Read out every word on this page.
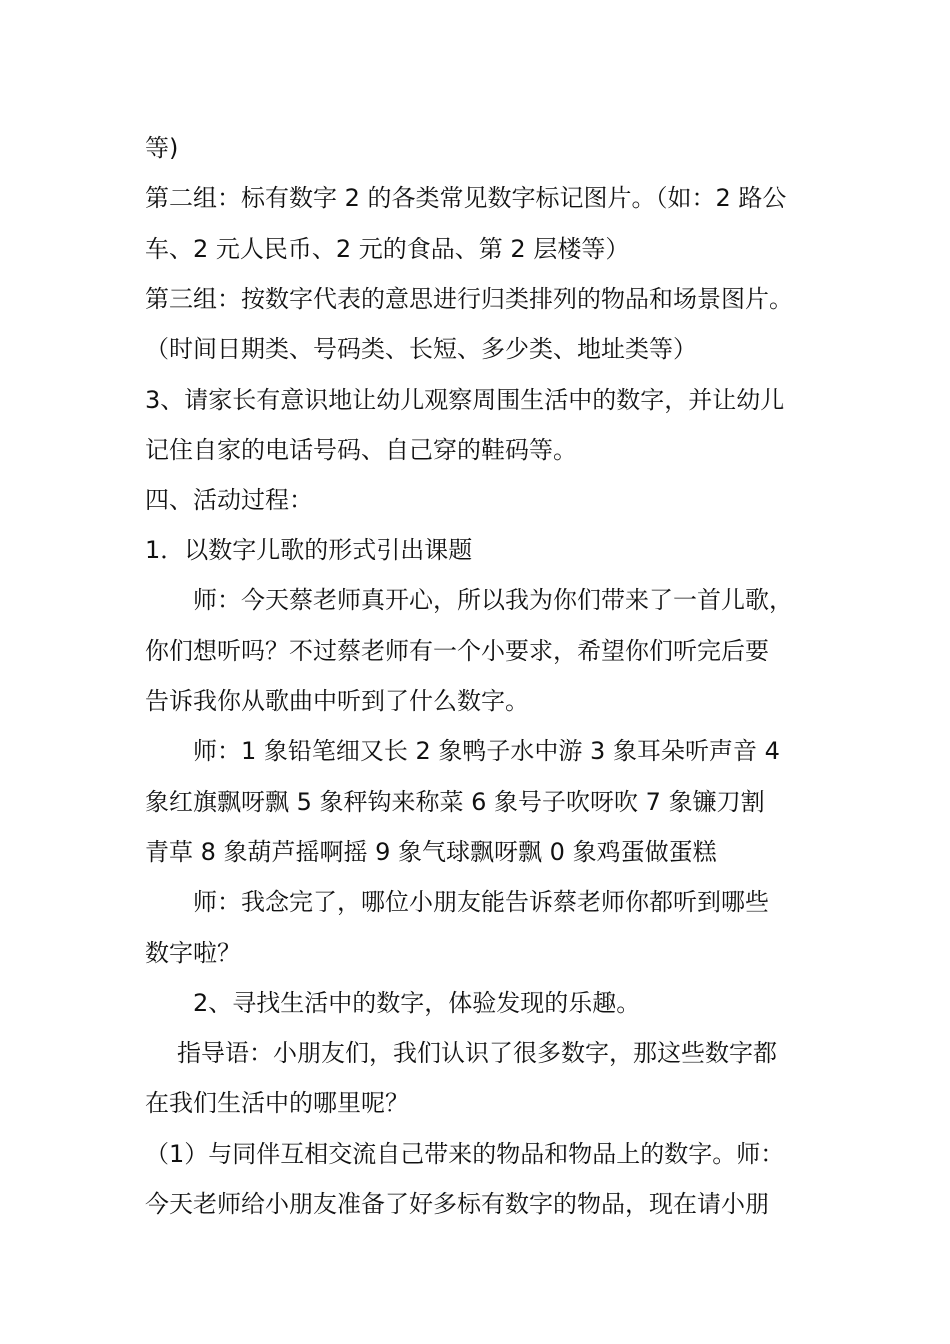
等)
第二组：标有数字 2 的各类常见数字标记图片。（如：2 路公
车、2 元人民币、2 元的食品、第 2 层楼等）
第三组：按数字代表的意思进行归类排列的物品和场景图片。
（时间日期类、号码类、长短、多少类、地址类等）
3、请家长有意识地让幼儿观察周围生活中的数字，并让幼儿
记住自家的电话号码、自己穿的鞋码等。
四、活动过程：
1．以数字儿歌的形式引出课题
师：今天蔡老师真开心，所以我为你们带来了一首儿歌，
你们想听吗？不过蔡老师有一个小要求，希望你们听完后要
告诉我你从歌曲中听到了什么数字。
师：1 象铅笔细又长 2 象鸭子水中游 3 象耳朵听声音 4
象红旗飘呀飘 5 象秤钩来称菜 6 象号子吹呀吹 7 象镰刀割
青草 8 象葫芦摇啊摇 9 象气球飘呀飘 0 象鸡蛋做蛋糕
师：我念完了，哪位小朋友能告诉蔡老师你都听到哪些
数字啦？
2、寻找生活中的数字，体验发现的乐趣。
指导语：小朋友们，我们认识了很多数字，那这些数字都
在我们生活中的哪里呢？
（1）与同伴互相交流自己带来的物品和物品上的数字。师：
今天老师给小朋友准备了好多标有数字的物品，现在请小朋
